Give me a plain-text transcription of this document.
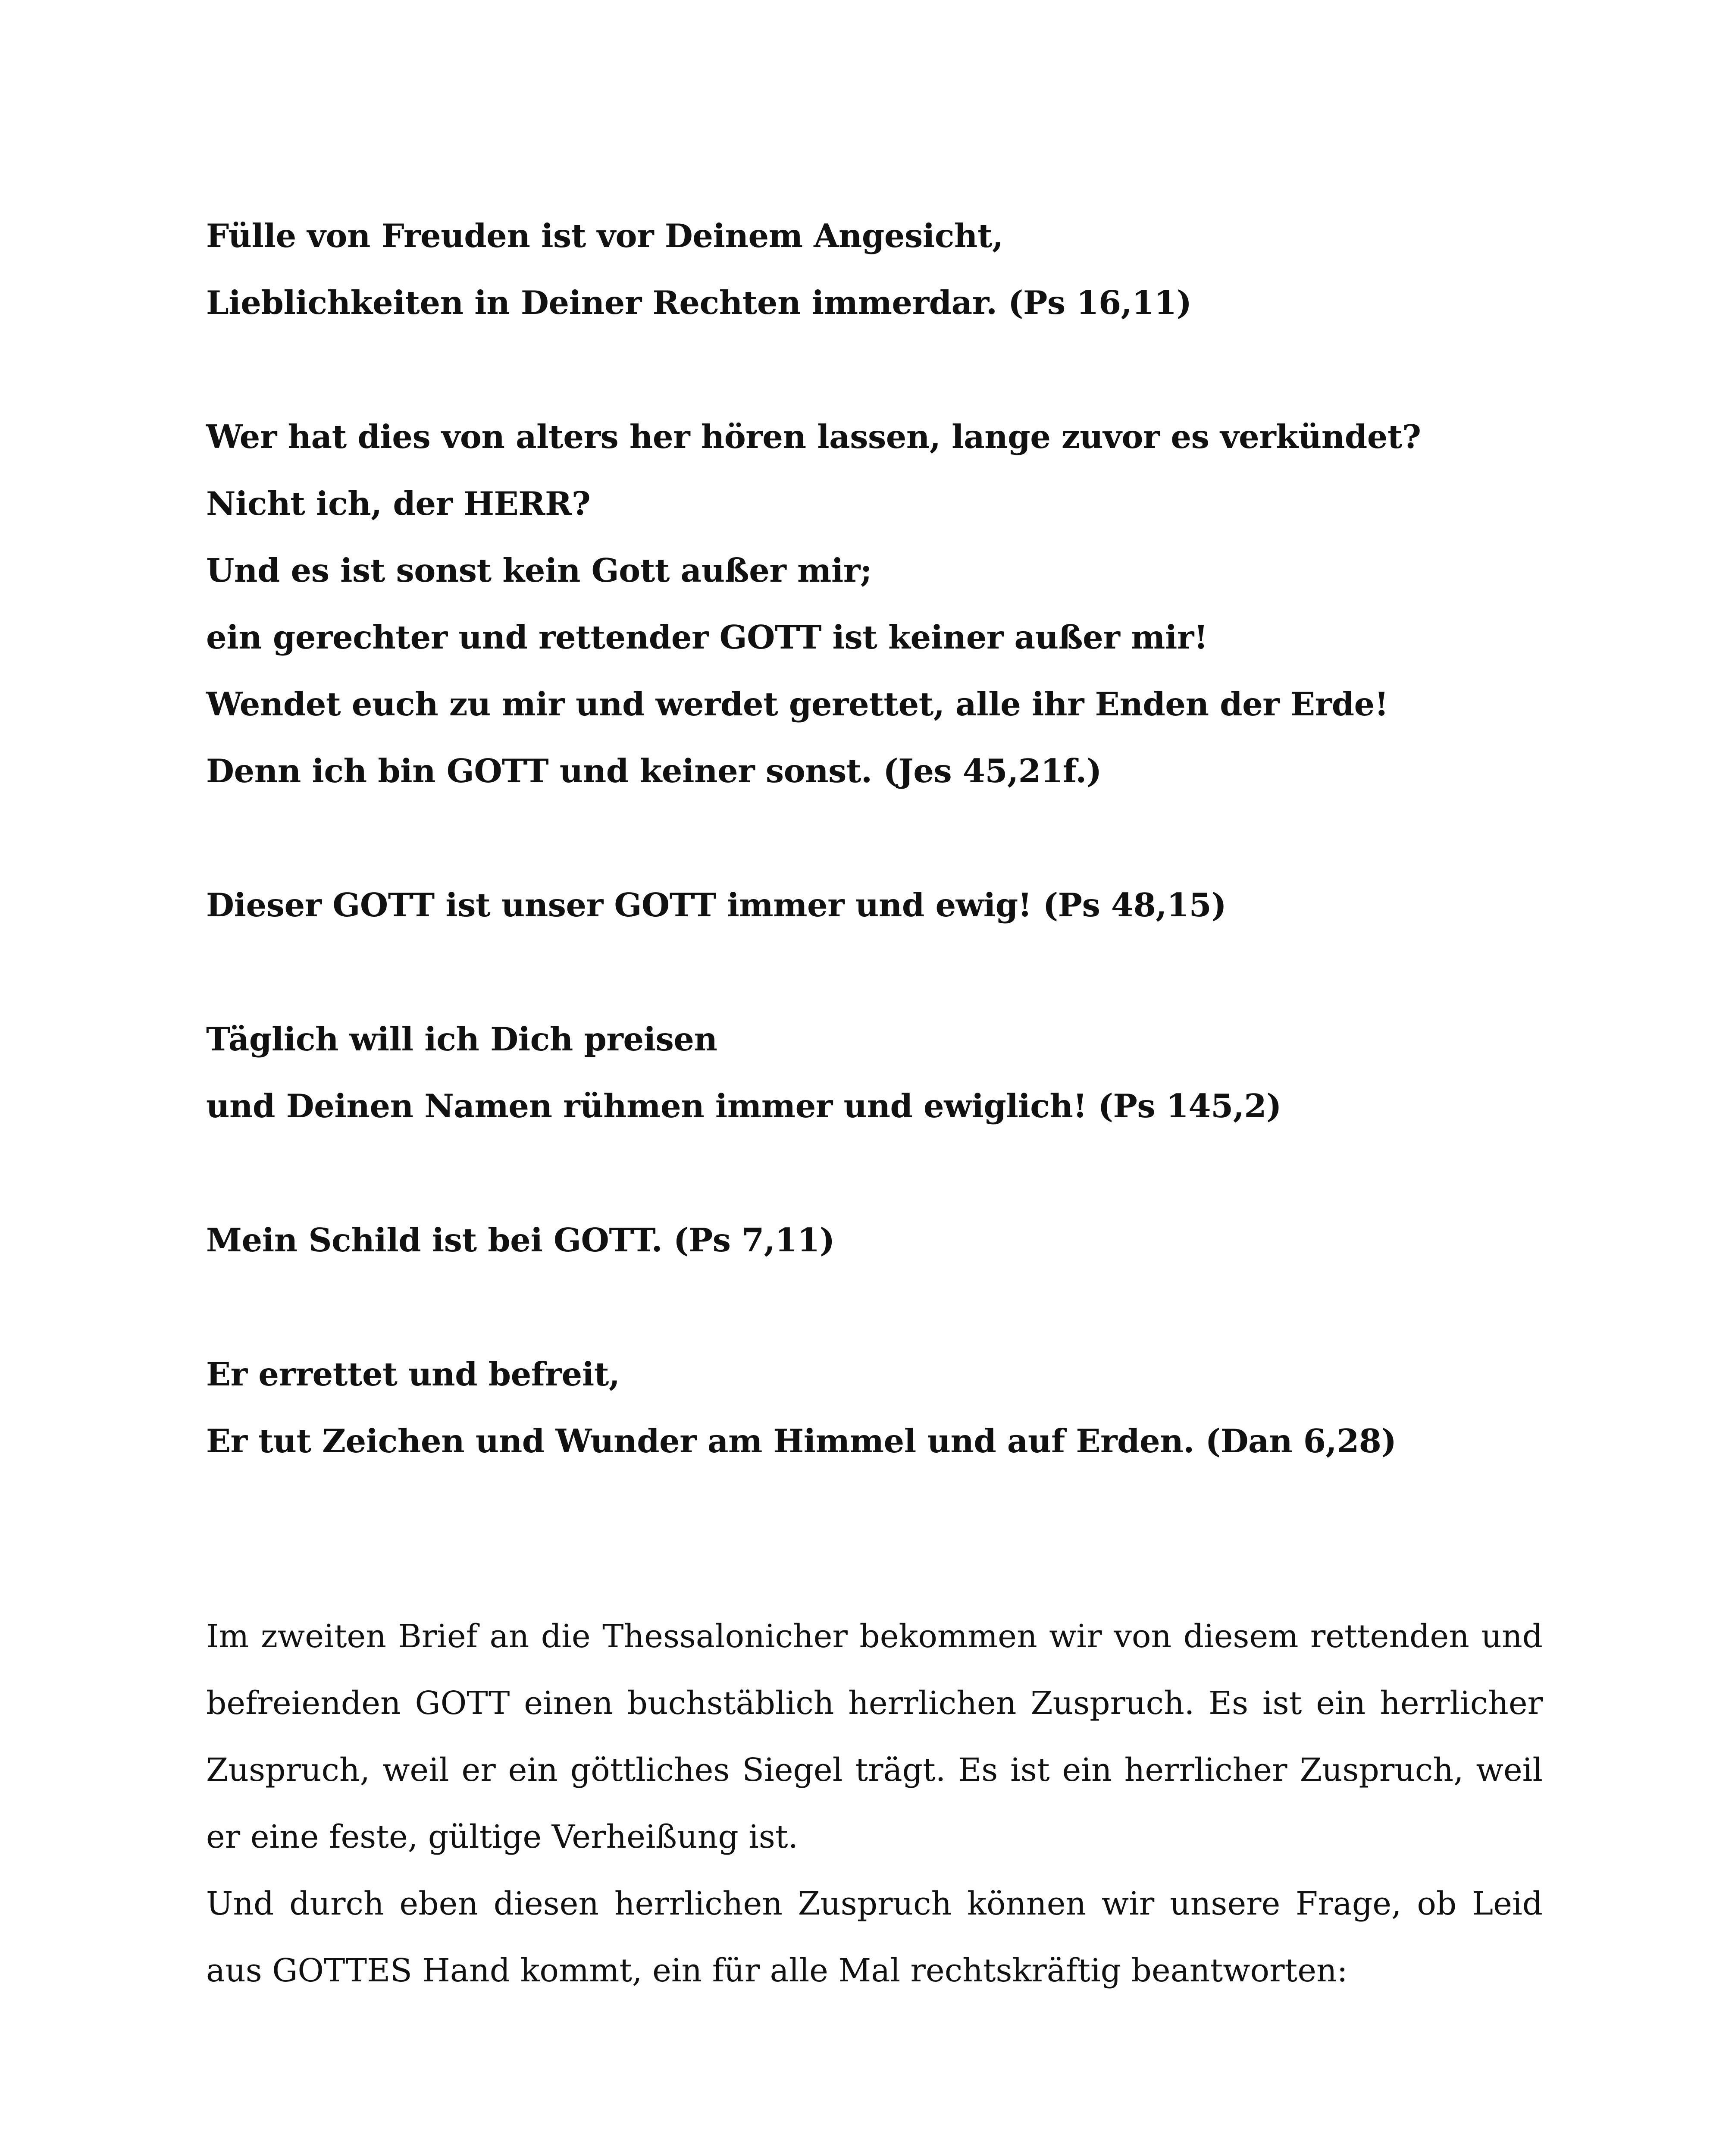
Fülle von Freuden ist vor Deinem Angesicht,
Lieblichkeiten in Deiner Rechten immerdar. (Ps 16,11)
Wer hat dies von alters her hören lassen, lange zuvor es verkündet?
Nicht ich, der HERR?
Und es ist sonst kein Gott außer mir;
ein gerechter und rettender GOTT ist keiner außer mir!
Wendet euch zu mir und werdet gerettet, alle ihr Enden der Erde!
Denn ich bin GOTT und keiner sonst. (Jes 45,21f.)
Dieser GOTT ist unser GOTT immer und ewig! (Ps 48,15)
Täglich will ich Dich preisen
und Deinen Namen rühmen immer und ewiglich! (Ps 145,2)
Mein Schild ist bei GOTT. (Ps 7,11)
Er errettet und befreit,
Er tut Zeichen und Wunder am Himmel und auf Erden. (Dan 6,28)

Im zweiten Brief an die Thessalonicher bekommen wir von diesem rettenden und befreienden GOTT einen buchstäblich herrlichen Zuspruch. Es ist ein herrlicher Zuspruch, weil er ein göttliches Siegel trägt. Es ist ein herrlicher Zuspruch, weil er eine feste, gültige Verheißung ist.

Und durch eben diesen herrlichen Zuspruch können wir unsere Frage, ob Leid aus GOTTES Hand kommt, ein für alle Mal rechtskräftig beantworten:
